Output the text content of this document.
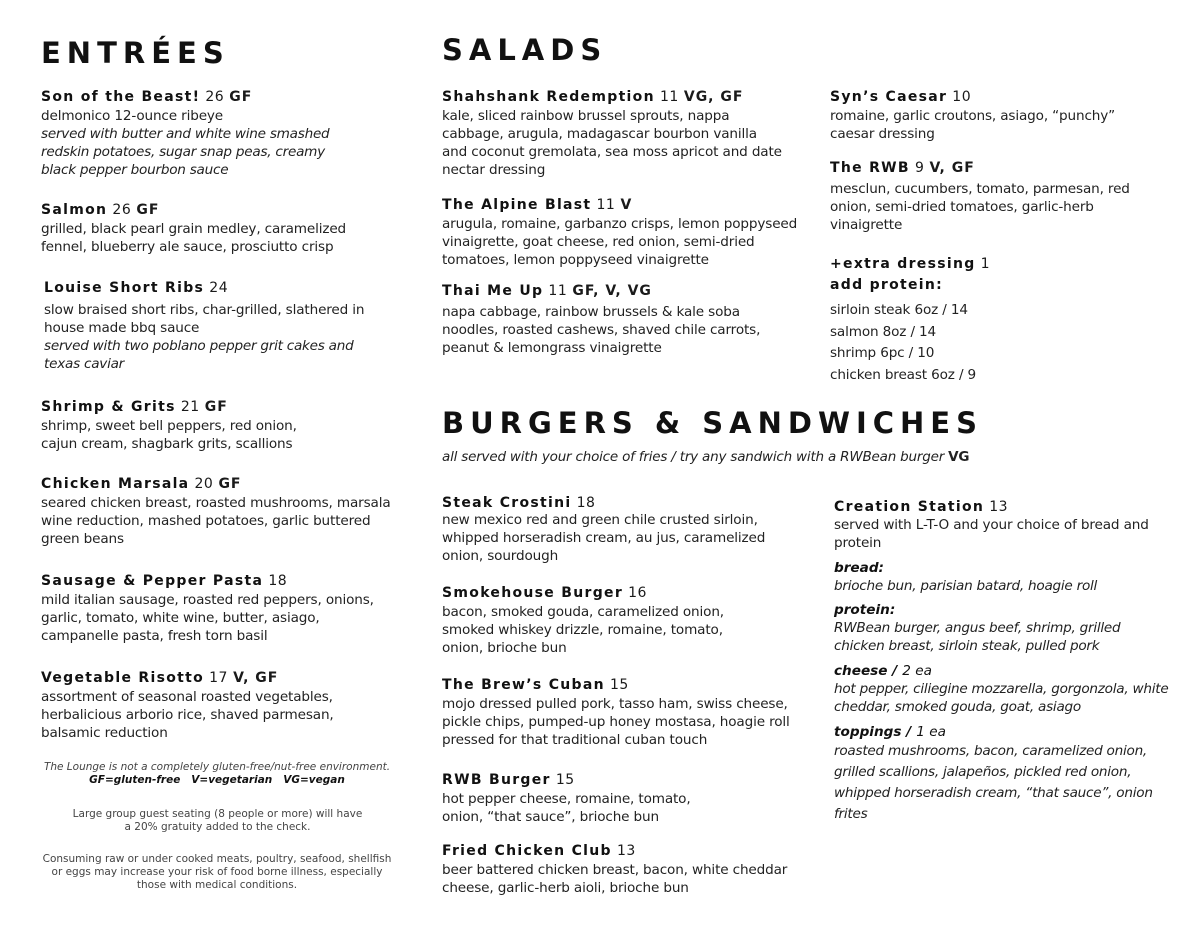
ENTRÉES
Son of the Beast! 26 GF
delmonico 12-ounce ribeye
served with butter and white wine smashed redskin potatoes, sugar snap peas, creamy black pepper bourbon sauce
Salmon 26 GF
grilled, black pearl grain medley, caramelized fennel, blueberry ale sauce, prosciutto crisp
Louise Short Ribs 24
slow braised short ribs, char-grilled, slathered in house made bbq sauce
served with two poblano pepper grit cakes and texas caviar
Shrimp & Grits 21 GF
shrimp, sweet bell peppers, red onion, cajun cream, shagbark grits, scallions
Chicken Marsala 20 GF
seared chicken breast, roasted mushrooms, marsala wine reduction, mashed potatoes, garlic buttered green beans
Sausage & Pepper Pasta 18
mild italian sausage, roasted red peppers, onions, garlic, tomato, white wine, butter, asiago, campanelle pasta, fresh torn basil
Vegetable Risotto 17 V, GF
assortment of seasonal roasted vegetables, herbalicious arborio rice, shaved parmesan, balsamic reduction
The Lounge is not a completely gluten-free/nut-free environment.
GF=gluten-free   V=vegetarian   VG=vegan
Large group guest seating (8 people or more) will have a 20% gratuity added to the check.
Consuming raw or under cooked meats, poultry, seafood, shellfish or eggs may increase your risk of food borne illness, especially those with medical conditions.
SALADS
Shahshank Redemption 11 VG, GF
kale, sliced rainbow brussel sprouts, nappa cabbage, arugula, madagascar bourbon vanilla and coconut gremolata, sea moss apricot and date nectar dressing
The Alpine Blast 11 V
arugula, romaine, garbanzo crisps, lemon poppyseed vinaigrette, goat cheese, red onion, semi-dried tomatoes, lemon poppyseed vinaigrette
Thai Me Up 11 GF, V, VG
napa cabbage, rainbow brussels & kale soba noodles, roasted cashews, shaved chile carrots, peanut & lemongrass vinaigrette
Syn’s Caesar 10
romaine, garlic croutons, asiago, “punchy” caesar dressing
The RWB 9 V, GF
mesclun, cucumbers, tomato, parmesan, red onion, semi-dried tomatoes, garlic-herb vinaigrette
+extra dressing 1
add protein:
sirloin steak 6oz / 14
salmon 8oz / 14
shrimp 6pc / 10
chicken breast 6oz / 9
BURGERS & SANDWICHES
all served with your choice of fries / try any sandwich with a RWBean burger VG
Steak Crostini 18
new mexico red and green chile crusted sirloin, whipped horseradish cream, au jus, caramelized onion, sourdough
Smokehouse Burger 16
bacon, smoked gouda, caramelized onion, smoked whiskey drizzle, romaine, tomato, onion, brioche bun
The Brew’s Cuban 15
mojo dressed pulled pork, tasso ham, swiss cheese, pickle chips, pumped-up honey mostasa, hoagie roll pressed for that traditional cuban touch
RWB Burger 15
hot pepper cheese, romaine, tomato, onion, “that sauce”, brioche bun
Fried Chicken Club 13
beer battered chicken breast, bacon, white cheddar cheese, garlic-herb aioli, brioche bun
Creation Station 13
served with L-T-O and your choice of bread and protein
bread:
brioche bun, parisian batard, hoagie roll
protein:
RWBean burger, angus beef, shrimp, grilled chicken breast, sirloin steak, pulled pork
cheese / 2 ea
hot pepper, ciliegine mozzarella, gorgonzola, white cheddar, smoked gouda, goat, asiago
toppings / 1 ea
roasted mushrooms, bacon, caramelized onion, grilled scallions, jalapeños, pickled red onion, whipped horseradish cream, “that sauce”, onion frites
